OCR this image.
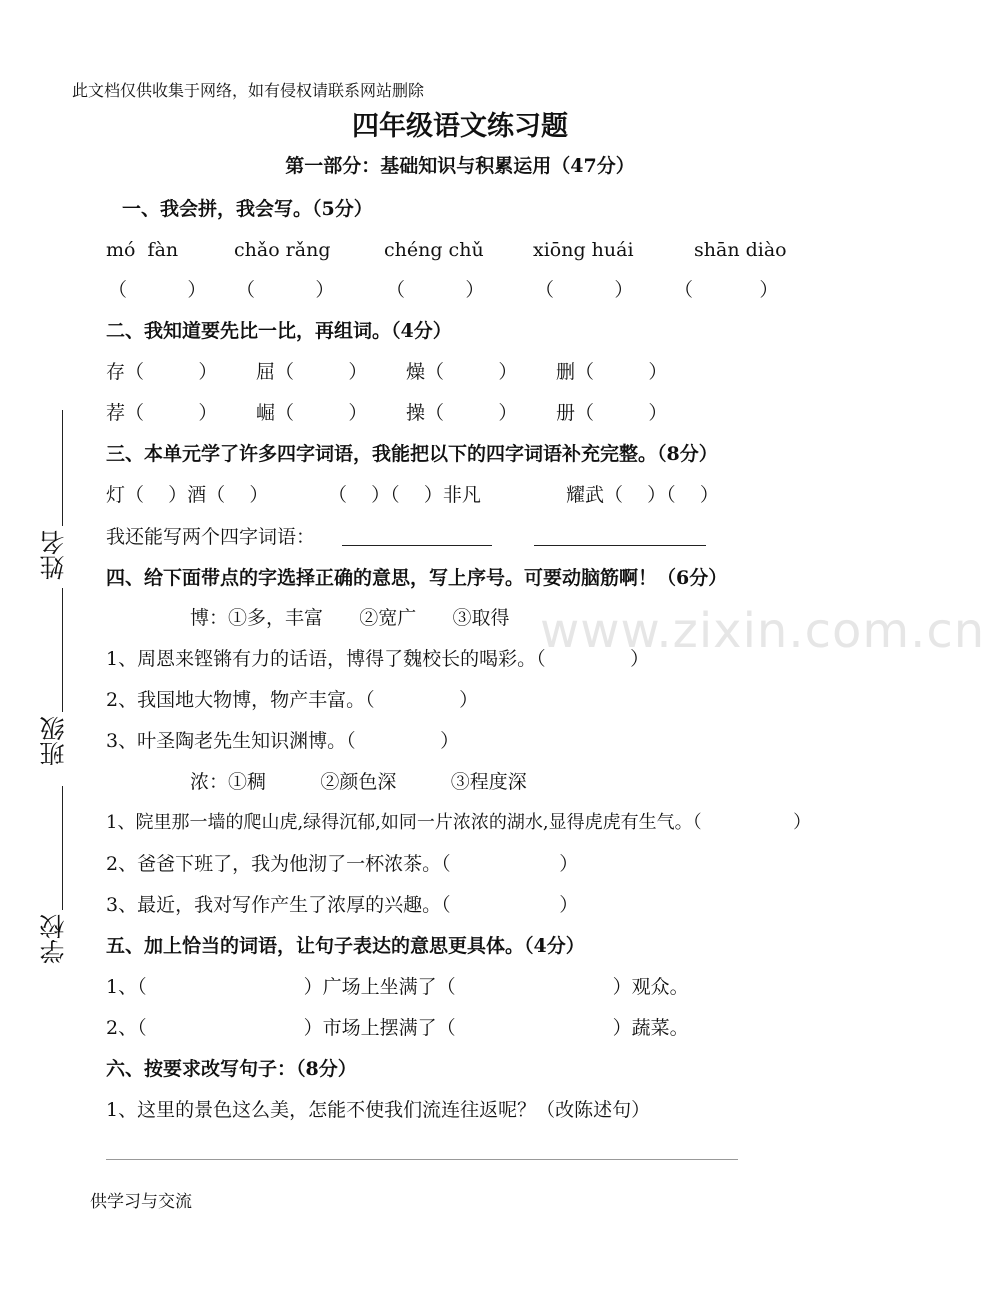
www.zixin.com.cn
此文档仅供收集于网络，如有侵权请联系网站删除
四年级语文练习题
第一部分：基础知识与积累运用（47分）
姓名
班级
学校
一、我会拼，我会写。（5分）
mó  fàn	chǎo rǎng	chéng chǔ	xiōng huái	shān diào
（          ） （          ）	（          ）	（          ） （           ）
二、我知道要先比一比，再组词。（4分）
存（         ） 屈（         ） 燥（         ） 删（         ）
荐（         ） 崛（         ） 操（         ） 册（         ）
三、本单元学了许多四字词语，我能把以下的四字词语补充完整。（8分）
灯（    ）酒（    ）	（    ）（    ）非凡	耀武（    ）（    ）
我还能写两个四字词语：
四、给下面带点的字选择正确的意思，写上序号。可要动脑筋啊！（6分）
博：①多，丰富      ②宽广      ③取得
1、周恩来铿锵有力的话语，博得了魏校长的喝彩。（              ）
2、我国地大物博，物产丰富。（              ）
3、叶圣陶老先生知识渊博。（              ）
浓：①稠         ②颜色深         ③程度深
1、院里那一墙的爬山虎,绿得沉郁,如同一片浓浓的湖水,显得虎虎有生气。（                ）
2、爸爸下班了，我为他沏了一杯浓茶。（                  ）
3、最近，我对写作产生了浓厚的兴趣。（                  ）
五、加上恰当的词语，让句子表达的意思更具体。（4分）
1、（                          ）广场上坐满了（                          ）观众。
2、（                          ）市场上摆满了（                          ）蔬菜。
六、按要求改写句子：（8分）
1、这里的景色这么美，怎能不使我们流连往返呢？（改陈述句）
供学习与交流
